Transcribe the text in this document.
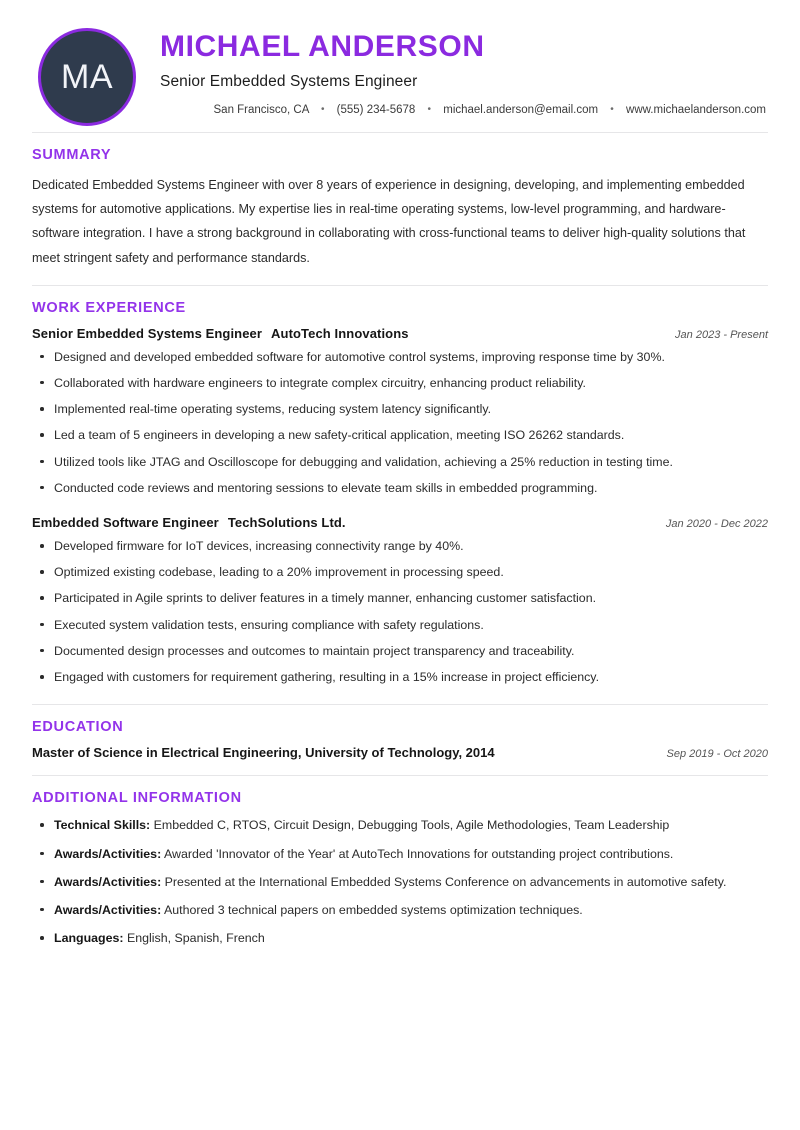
MA
MICHAEL ANDERSON
Senior Embedded Systems Engineer
San Francisco, CA • (555) 234-5678 • michael.anderson@email.com • www.michaelanderson.com
SUMMARY

Dedicated Embedded Systems Engineer with over 8 years of experience in designing, developing, and implementing embedded systems for automotive applications. My expertise lies in real-time operating systems, low-level programming, and hardware-software integration. I have a strong background in collaborating with cross-functional teams to deliver high-quality solutions that meet stringent safety and performance standards.

WORK EXPERIENCE
Senior Embedded Systems Engineer AutoTech Innovations	Jan 2023 - Present
Designed and developed embedded software for automotive control systems, improving response time by 30%.
Collaborated with hardware engineers to integrate complex circuitry, enhancing product reliability.
Implemented real-time operating systems, reducing system latency significantly.
Led a team of 5 engineers in developing a new safety-critical application, meeting ISO 26262 standards.
Utilized tools like JTAG and Oscilloscope for debugging and validation, achieving a 25% reduction in testing time.
Conducted code reviews and mentoring sessions to elevate team skills in embedded programming.
Embedded Software Engineer TechSolutions Ltd.	Jan 2020 - Dec 2022
Developed firmware for IoT devices, increasing connectivity range by 40%.
Optimized existing codebase, leading to a 20% improvement in processing speed.
Participated in Agile sprints to deliver features in a timely manner, enhancing customer satisfaction.
Executed system validation tests, ensuring compliance with safety regulations.
Documented design processes and outcomes to maintain project transparency and traceability.
Engaged with customers for requirement gathering, resulting in a 15% increase in project efficiency.
EDUCATION
Master of Science in Electrical Engineering, University of Technology, 2014	Sep 2019 - Oct 2020
ADDITIONAL INFORMATION
Technical Skills: Embedded C, RTOS, Circuit Design, Debugging Tools, Agile Methodologies, Team Leadership
Awards/Activities: Awarded 'Innovator of the Year' at AutoTech Innovations for outstanding project contributions.
Awards/Activities: Presented at the International Embedded Systems Conference on advancements in automotive safety.
Awards/Activities: Authored 3 technical papers on embedded systems optimization techniques.
Languages: English, Spanish, French
